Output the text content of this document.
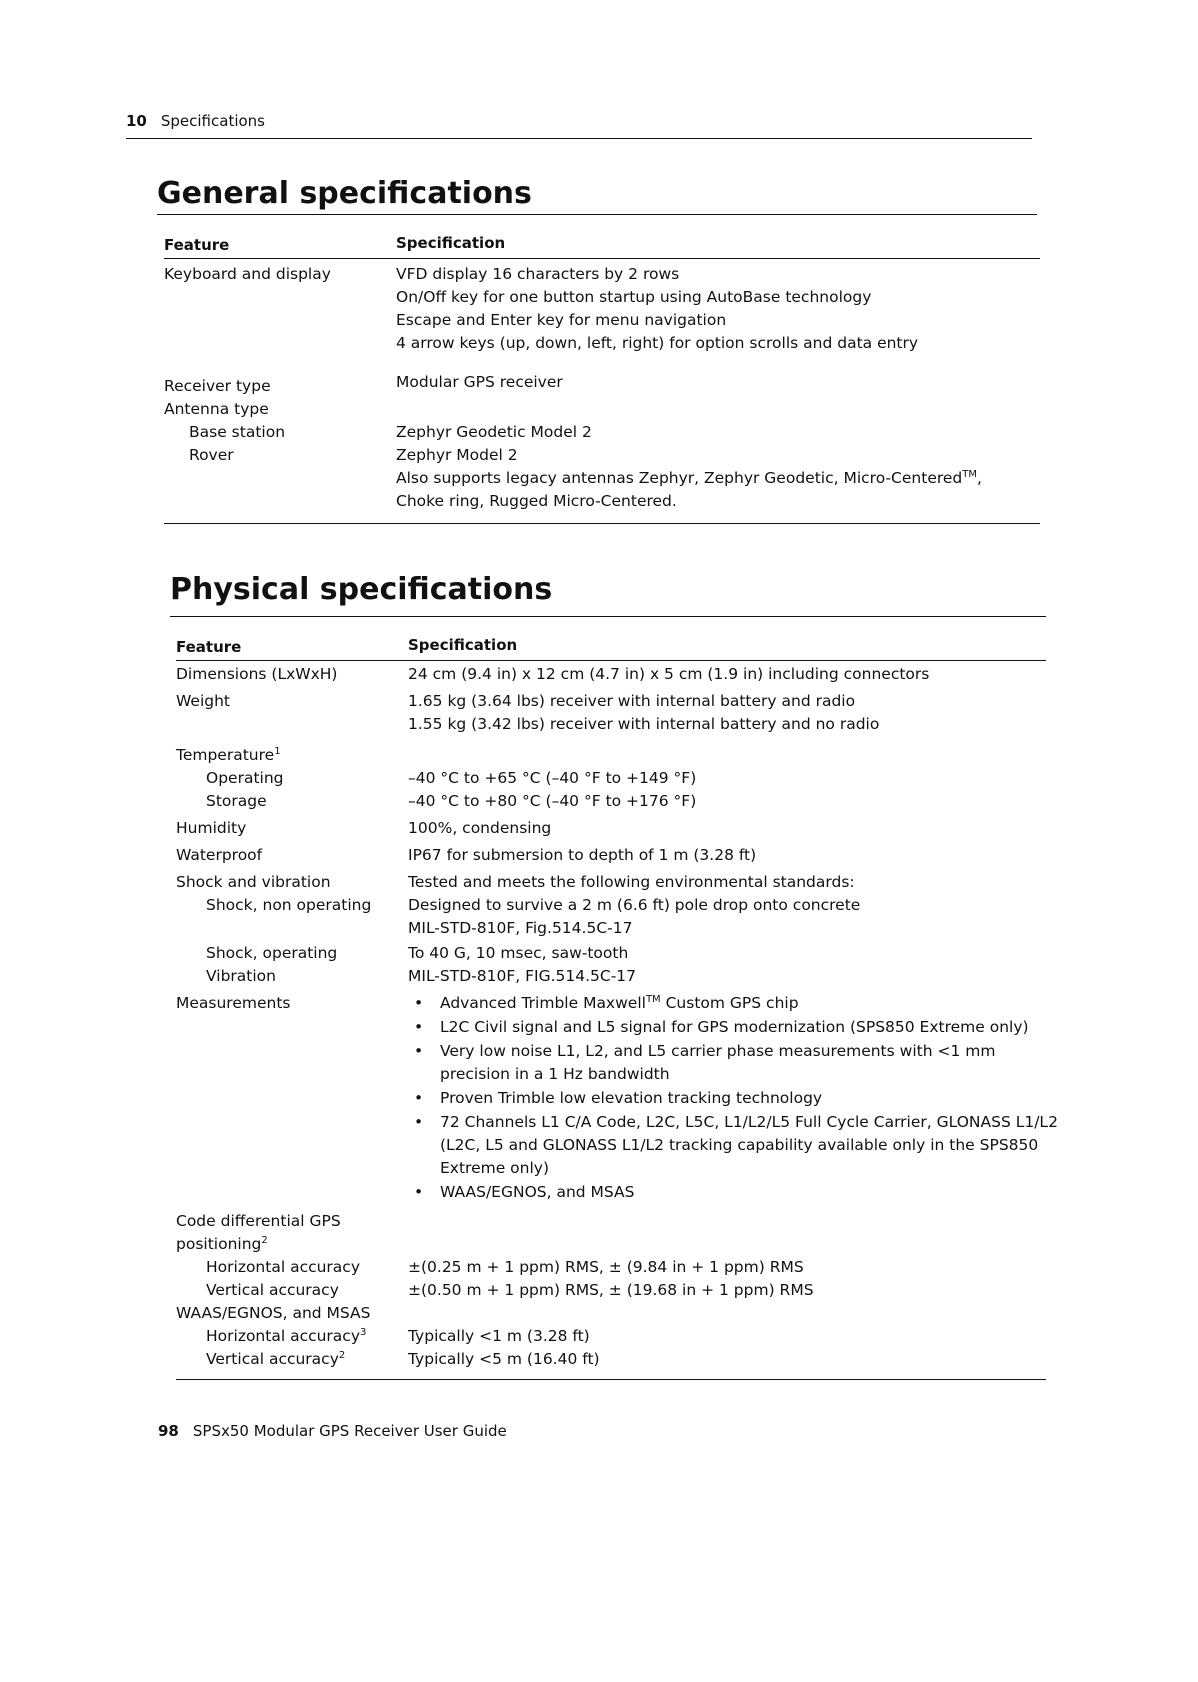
10 Specifications
General specifications
Feature	Specification
Keyboard and display	VFD display 16 characters by 2 rows
On/Off key for one button startup using AutoBase technology
Escape and Enter key for menu navigation
4 arrow keys (up, down, left, right) for option scrolls and data entry
Receiver type	Modular GPS receiver
Antenna type

Base station	Zephyr Geodetic Model 2
Rover	Zephyr Model 2
Also supports legacy antennas Zephyr, Zephyr Geodetic, Micro-Centered™,
Choke ring, Rugged Micro-Centered.
Physical specifications
Feature	Specification
Dimensions (LxWxH)	24 cm (9.4 in) x 12 cm (4.7 in) x 5 cm (1.9 in) including connectors
Weight	1.65 kg (3.64 lbs) receiver with internal battery and radio
1.55 kg (3.42 lbs) receiver with internal battery and no radio
Temperature$^1$

Operating	–40 °C to +65 °C (–40 °F to +149 °F)
Storage	–40 °C to +80 °C (–40 °F to +176 °F)
Humidity	100%, condensing
Waterproof	IP67 for submersion to depth of 1 m (3.28 ft)
Shock and vibration	Tested and meets the following environmental standards:
Shock, non operating	Designed to survive a 2 m (6.6 ft) pole drop onto concrete
MIL-STD-810F, Fig.514.5C-17
Shock, operating	To 40 G, 10 msec, saw-tooth
Vibration	MIL-STD-810F, FIG.514.5C-17
Measurements
•	Advanced Trimble Maxwell™ Custom GPS chip
• L2C Civil signal and L5 signal for GPS modernization (SPS850 Extreme only)
• Very low noise L1, L2, and L5 carrier phase measurements with <1 mm precision in a 1 Hz bandwidth
• Proven Trimble low elevation tracking technology
• 72 Channels L1 C/A Code, L2C, L5C, L1/L2/L5 Full Cycle Carrier, GLONASS L1/L2 (L2C, L5 and GLONASS L1/L2 tracking capability available only in the SPS850 Extreme only)
• WAAS/EGNOS, and MSAS
Code differential GPS positioning$^2$

Horizontal accuracy	±(0.25 m + 1 ppm) RMS, ± (9.84 in + 1 ppm) RMS
Vertical accuracy	±(0.50 m + 1 ppm) RMS, ± (19.68 in + 1 ppm) RMS
WAAS/EGNOS, and MSAS

Horizontal accuracy$^3$	Typically <1 m (3.28 ft)
Vertical accuracy$^2$	Typically <5 m (16.40 ft)
98 SPSx50 Modular GPS Receiver User Guide
